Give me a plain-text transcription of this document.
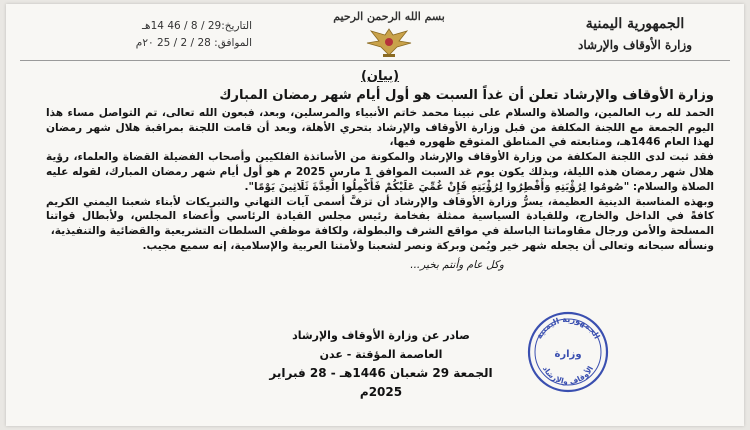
الجمهورية اليمنية
وزارة الأوقاف والإرشاد
بسم الله الرحمن الرحيم
التاريخ:29 / 8 / 46 14هـ
الموافق: 28 / 2 / 25 ٢٠م
(بيان)
وزارة الأوقاف والإرشاد تعلن أن غداً السبت هو أول أيام شهر رمضان المبارك

الحمد لله رب العالمين، والصلاة والسلام على نبينا محمد خاتم الأنبياء والمرسلين، وبعد، فبعون الله تعالى، تم التواصل مساء هذا اليوم الجمعة مع اللجنة المكلفة من قبل وزارة الأوقاف والإرشاد بتحري الأهلة، وبعد أن قامت اللجنة بمراقبة هلال شهر رمضان لهذا العام 1446هـ، ومتابعته في المناطق المتوقع ظهوره فيها،

فقد ثبت لدى اللجنة المكلفة من وزارة الأوقاف والإرشاد والمكونة من الأساتذة الفلكيين وأصحاب الفضيلة القضاة والعلماء، رؤية هلال شهر رمضان هذه الليلة، وبذلك يكون يوم غد السبت الموافق 1 مارس 2025 م هو أول أيام شهر رمضان المبارك، لقوله عليه الصلاة والسلام: "صُومُوا لِرُؤْيَتِهِ وَأَفْطِرُوا لِرُؤْيَتِهِ فَإِنْ غُمِّيَ عَلَيْكُمْ فَأَكْمِلُوا الْعِدَّةَ ثَلَاثِينَ يَوْمًا".

وبهذه المناسبة الدينية العظيمة، يسرُّ وزارة الأوقاف والإرشاد أن تزفَّ أسمى آيات التهاني والتبريكات لأبناء شعبنا اليمني الكريم كافةً في الداخل والخارج، وللقيادة السياسية ممثلة بفخامة رئيس مجلس القيادة الرئاسي وأعضاء المجلس، ولأبطال قواتنا المسلحة والأمن ورجال مقاوماتنا الباسلة في مواقع الشرف والبطولة، ولكافة موظفي السلطات التشريعية والقضائية والتنفيذية،

ونسأله سبحانه وتعالى أن يجعله شهر خير ويُمن وبركة ونصر لشعبنا ولأمتنا العربية والإسلامية، إنه سميع مجيب.

وكل عام وأنتم بخير...

صادر عن وزارة الأوقاف والإرشاد
العاصمة المؤقتة - عدن
الجمعة 29 شعبان 1446هـ - 28 فبراير 2025م
الجمهورية اليمنية
وزارة
الأوقاف والإرشاد
